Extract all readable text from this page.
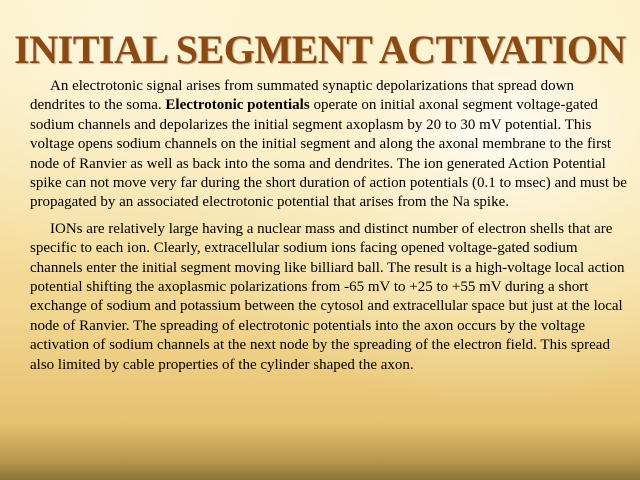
INITIAL SEGMENT ACTIVATION

An electrotonic signal arises from summated synaptic depolarizations that spread down dendrites to the soma. Electrotonic potentials operate on initial axonal segment voltage-gated sodium channels and depolarizes the initial segment axoplasm by 20 to 30 mV potential. This voltage opens sodium channels on the initial segment and along the axonal membrane to the first node of Ranvier as well as back into the soma and dendrites. The ion generated Action Potential spike can not move very far during the short duration of action potentials (0.1 to msec) and must be propagated by an associated electrotonic potential that arises from the Na spike.

IONs are relatively large having a nuclear mass and distinct number of electron shells that are specific to each ion. Clearly, extracellular sodium ions facing opened voltage-gated sodium channels enter the initial segment moving like billiard ball. The result is a high-voltage local action potential shifting the axoplasmic polarizations from -65 mV to +25 to +55 mV during a short exchange of sodium and potassium between the cytosol and extracellular space but just at the local node of Ranvier. The spreading of electrotonic potentials into the axon occurs by the voltage activation of sodium channels at the next node by the spreading of the electron field. This spread also limited by cable properties of the cylinder shaped the axon.
